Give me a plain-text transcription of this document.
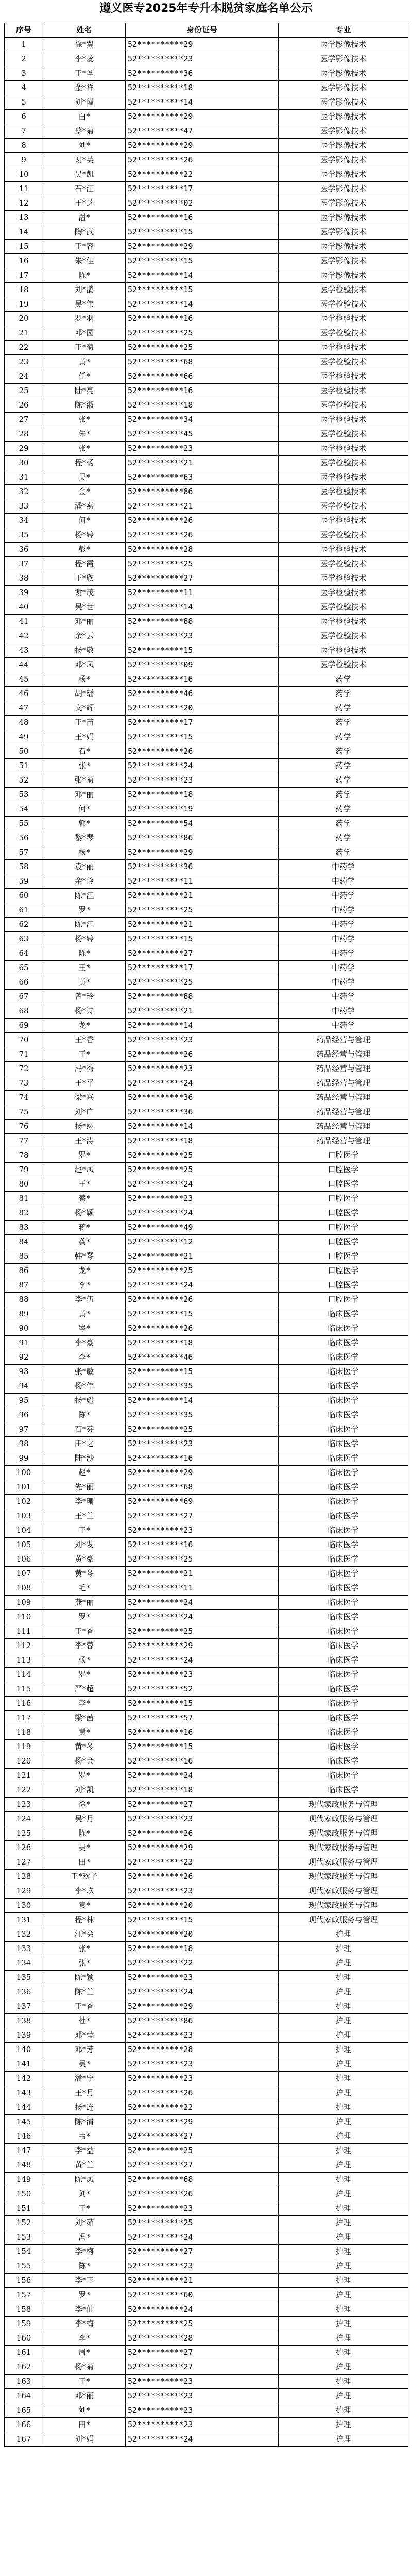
遵义医专2025年专升本脱贫家庭名单公示
序号	姓名	身份证号	专业
1	徐*翼	52**********29	医学影像技术
2	李*蕊	52**********23	医学影像技术
3	王*圣	52**********36	医学影像技术
4	金*祥	52**********18	医学影像技术
5	刘*瑾	52**********14	医学影像技术
6	白*	52**********29	医学影像技术
7	蔡*菊	52**********47	医学影像技术
8	刘*	52**********29	医学影像技术
9	谢*英	52**********26	医学影像技术
10	吴*凯	52**********22	医学影像技术
11	石*江	52**********17	医学影像技术
12	王*芝	52**********02	医学影像技术
13	潘*	52**********16	医学影像技术
14	陶*武	52**********15	医学影像技术
15	王*容	52**********29	医学影像技术
16	朱*佳	52**********15	医学影像技术
17	陈*	52**********14	医学影像技术
18	刘*鹊	52**********15	医学检验技术
19	吴*伟	52**********14	医学检验技术
20	罗*羽	52**********16	医学检验技术
21	邓*园	52**********25	医学检验技术
22	王*菊	52**********25	医学检验技术
23	黄*	52**********68	医学检验技术
24	任*	52**********66	医学检验技术
25	陆*亮	52**********16	医学检验技术
26	陈*淑	52**********18	医学检验技术
27	张*	52**********34	医学检验技术
28	朱*	52**********45	医学检验技术
29	张*	52**********23	医学检验技术
30	程*杨	52**********21	医学检验技术
31	吴*	52**********63	医学检验技术
32	金*	52**********86	医学检验技术
33	潘*燕	52**********21	医学检验技术
34	何*	52**********26	医学检验技术
35	杨*婷	52**********26	医学检验技术
36	彭*	52**********28	医学检验技术
37	程*霞	52**********25	医学检验技术
38	王*欣	52**********27	医学检验技术
39	谢*茂	52**********11	医学检验技术
40	吴*世	52**********14	医学检验技术
41	邓*丽	52**********88	医学检验技术
42	余*云	52**********23	医学检验技术
43	杨*敬	52**********15	医学检验技术
44	邓*凤	52**********09	医学检验技术
45	杨*	52**********16	药学
46	胡*瑶	52**********46	药学
47	文*辉	52**********20	药学
48	王*苗	52**********17	药学
49	王*娟	52**********15	药学
50	石*	52**********26	药学
51	张*	52**********24	药学
52	张*菊	52**********23	药学
53	邓*丽	52**********18	药学
54	何*	52**********19	药学
55	郭*	52**********54	药学
56	黎*琴	52**********86	药学
57	杨*	52**********29	药学
58	袁*丽	52**********36	中药学
59	余*玲	52**********11	中药学
60	陈*江	52**********21	中药学
61	罗*	52**********25	中药学
62	陈*江	52**********21	中药学
63	杨*婷	52**********15	中药学
64	陈*	52**********27	中药学
65	王*	52**********17	中药学
66	黄*	52**********25	中药学
67	曾*玲	52**********88	中药学
68	杨*诗	52**********21	中药学
69	龙*	52**********14	中药学
70	王*香	52**********23	药品经营与管理
71	王*	52**********26	药品经营与管理
72	冯*秀	52**********23	药品经营与管理
73	王*平	52**********24	药品经营与管理
74	梁*兴	52**********36	药品经营与管理
75	刘*广	52**********36	药品经营与管理
76	杨*翊	52**********14	药品经营与管理
77	王*涛	52**********18	药品经营与管理
78	罗*	52**********25	口腔医学
79	赵*凤	52**********25	口腔医学
80	王*	52**********24	口腔医学
81	蔡*	52**********23	口腔医学
82	杨*颖	52**********24	口腔医学
83	蒋*	52**********49	口腔医学
84	龚*	52**********12	口腔医学
85	韩*琴	52**********21	口腔医学
86	龙*	52**********25	口腔医学
87	李*	52**********24	口腔医学
88	李*伍	52**********26	口腔医学
89	黄*	52**********15	临床医学
90	岑*	52**********26	临床医学
91	李*豪	52**********18	临床医学
92	李*	52**********46	临床医学
93	张*敏	52**********15	临床医学
94	杨*伟	52**********35	临床医学
95	杨*彪	52**********14	临床医学
96	陈*	52**********35	临床医学
97	石*芬	52**********25	临床医学
98	田*之	52**********23	临床医学
99	陆*沙	52**********16	临床医学
100	赵*	52**********29	临床医学
101	先*丽	52**********68	临床医学
102	李*珊	52**********69	临床医学
103	王*兰	52**********27	临床医学
104	王*	52**********23	临床医学
105	刘*发	52**********16	临床医学
106	黄*豪	52**********25	临床医学
107	黄*琴	52**********21	临床医学
108	毛*	52**********11	临床医学
109	龚*丽	52**********24	临床医学
110	罗*	52**********24	临床医学
111	王*香	52**********25	临床医学
112	李*蓉	52**********29	临床医学
113	杨*	52**********24	临床医学
114	罗*	52**********23	临床医学
115	严*超	52**********52	临床医学
116	李*	52**********15	临床医学
117	梁*茜	52**********57	临床医学
118	黄*	52**********16	临床医学
119	黄*琴	52**********15	临床医学
120	杨*会	52**********16	临床医学
121	罗*	52**********24	临床医学
122	刘*凯	52**********18	临床医学
123	徐*	52**********27	现代家政服务与管理
124	吴*月	52**********23	现代家政服务与管理
125	陈*	52**********26	现代家政服务与管理
126	吴*	52**********29	现代家政服务与管理
127	田*	52**********23	现代家政服务与管理
128	王*欢子	52**********26	现代家政服务与管理
129	李*玖	52**********23	现代家政服务与管理
130	袁*	52**********20	现代家政服务与管理
131	程*林	52**********15	现代家政服务与管理
132	江*会	52**********20	护理
133	张*	52**********18	护理
134	张*	52**********22	护理
135	陈*颖	52**********23	护理
136	陈*兰	52**********24	护理
137	王*香	52**********29	护理
138	杜*	52**********86	护理
139	邓*莹	52**********23	护理
140	邓*芳	52**********28	护理
141	吴*	52**********23	护理
142	潘*宁	52**********23	护理
143	王*月	52**********26	护理
144	杨*连	52**********22	护理
145	陈*清	52**********29	护理
146	韦*	52**********27	护理
147	李*益	52**********25	护理
148	黄*兰	52**********27	护理
149	陈*凤	52**********68	护理
150	刘*	52**********26	护理
151	王*	52**********23	护理
152	刘*茹	52**********25	护理
153	冯*	52**********24	护理
154	李*梅	52**********27	护理
155	陈*	52**********23	护理
156	李*玉	52**********21	护理
157	罗*	52**********60	护理
158	李*仙	52**********24	护理
159	李*梅	52**********25	护理
160	李*	52**********28	护理
161	周*	52**********27	护理
162	杨*菊	52**********27	护理
163	王*	52**********23	护理
164	邓*丽	52**********23	护理
165	刘*	52**********23	护理
166	田*	52**********23	护理
167	刘*娟	52**********24	护理
